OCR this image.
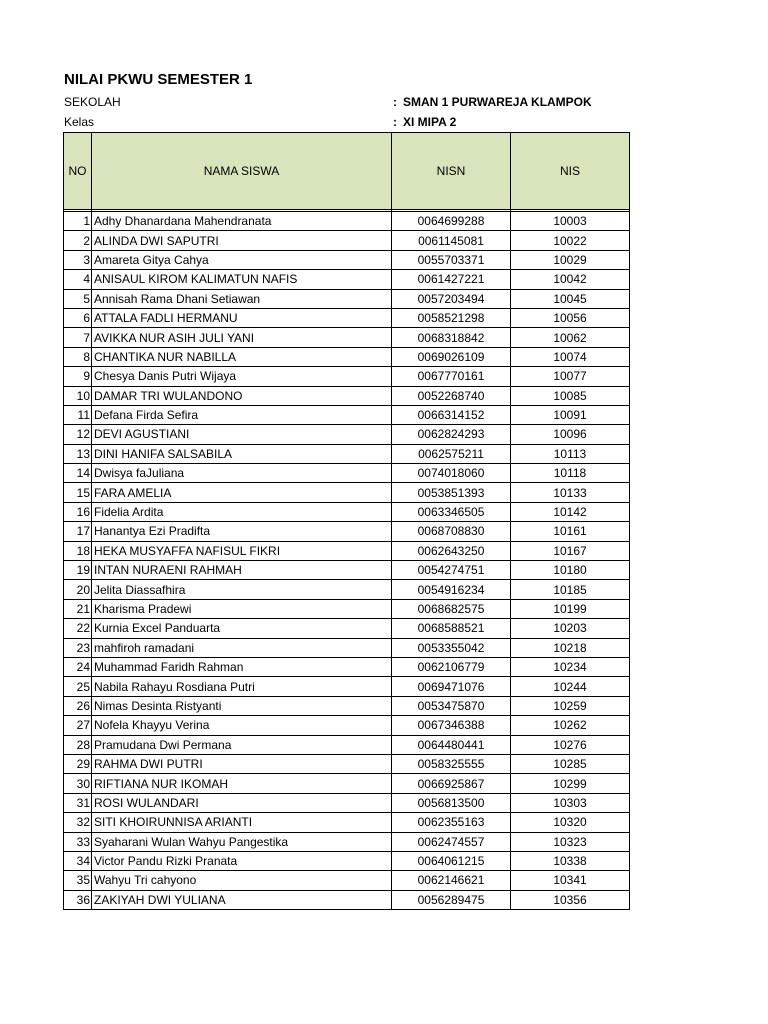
NILAI PKWU SEMESTER 1
SEKOLAH	: SMAN 1 PURWAREJA KLAMPOK
Kelas	: XI MIPA 2
NO	NAMA SISWA	NISN	NIS

1	Adhy Dhanardana Mahendranata	0064699288	10003
2	ALINDA DWI SAPUTRI	0061145081	10022
3	Amareta Gitya Cahya	0055703371	10029
4	ANISAUL KIROM KALIMATUN NAFIS	0061427221	10042
5	Annisah Rama Dhani Setiawan	0057203494	10045
6	ATTALA FADLI HERMANU	0058521298	10056
7	AVIKKA NUR ASIH JULI YANI	0068318842	10062
8	CHANTIKA NUR NABILLA	0069026109	10074
9	Chesya Danis Putri Wijaya	0067770161	10077
10	DAMAR TRI WULANDONO	0052268740	10085
11	Defana Firda Sefira	0066314152	10091
12	DEVI AGUSTIANI	0062824293	10096
13	DINI HANIFA SALSABILA	0062575211	10113
14	Dwisya faJuliana	0074018060	10118
15	FARA AMELIA	0053851393	10133
16	Fidelia Ardita	0063346505	10142
17	Hanantya Ezi Pradifta	0068708830	10161
18	HEKA MUSYAFFA NAFISUL FIKRI	0062643250	10167
19	INTAN NURAENI RAHMAH	0054274751	10180
20	Jelita Diassafhira	0054916234	10185
21	Kharisma Pradewi	0068682575	10199
22	Kurnia Excel Panduarta	0068588521	10203
23	mahfiroh ramadani	0053355042	10218
24	Muhammad Faridh Rahman	0062106779	10234
25	Nabila Rahayu Rosdiana Putri	0069471076	10244
26	Nimas Desinta Ristyanti	0053475870	10259
27	Nofela Khayyu Verina	0067346388	10262
28	Pramudana Dwi Permana	0064480441	10276
29	RAHMA DWI PUTRI	0058325555	10285
30	RIFTIANA NUR IKOMAH	0066925867	10299
31	ROSI WULANDARI	0056813500	10303
32	SITI KHOIRUNNISA ARIANTI	0062355163	10320
33	Syaharani Wulan Wahyu Pangestika	0062474557	10323
34	Victor Pandu Rizki Pranata	0064061215	10338
35	Wahyu Tri cahyono	0062146621	10341
36	ZAKIYAH DWI YULIANA	0056289475	10356
